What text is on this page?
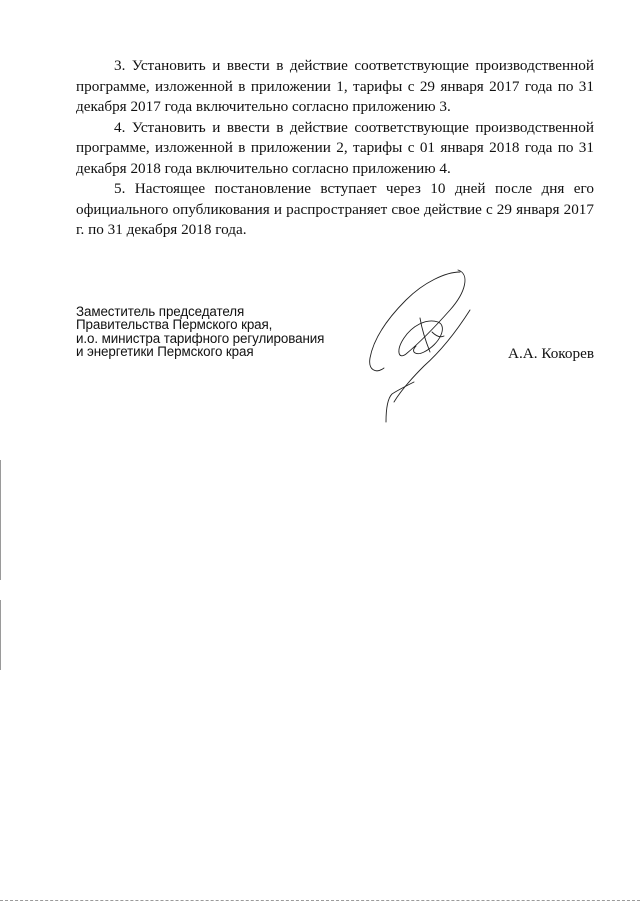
3. Установить и ввести в действие соответствующие производственной программе, изложенной в приложении 1, тарифы с 29 января 2017 года по 31 декабря 2017 года включительно согласно приложению 3.

4. Установить и ввести в действие соответствующие производственной программе, изложенной в приложении 2, тарифы с 01 января 2018 года по 31 декабря 2018 года включительно согласно приложению 4.

5. Настоящее постановление вступает через 10 дней после дня его официального опубликования и распространяет свое действие с 29 января 2017 г. по 31 декабря 2018 года.

Заместитель председателя
Правительства Пермского края,
и.о. министра тарифного регулирования
и энергетики Пермского края	А.А. Кокорев
